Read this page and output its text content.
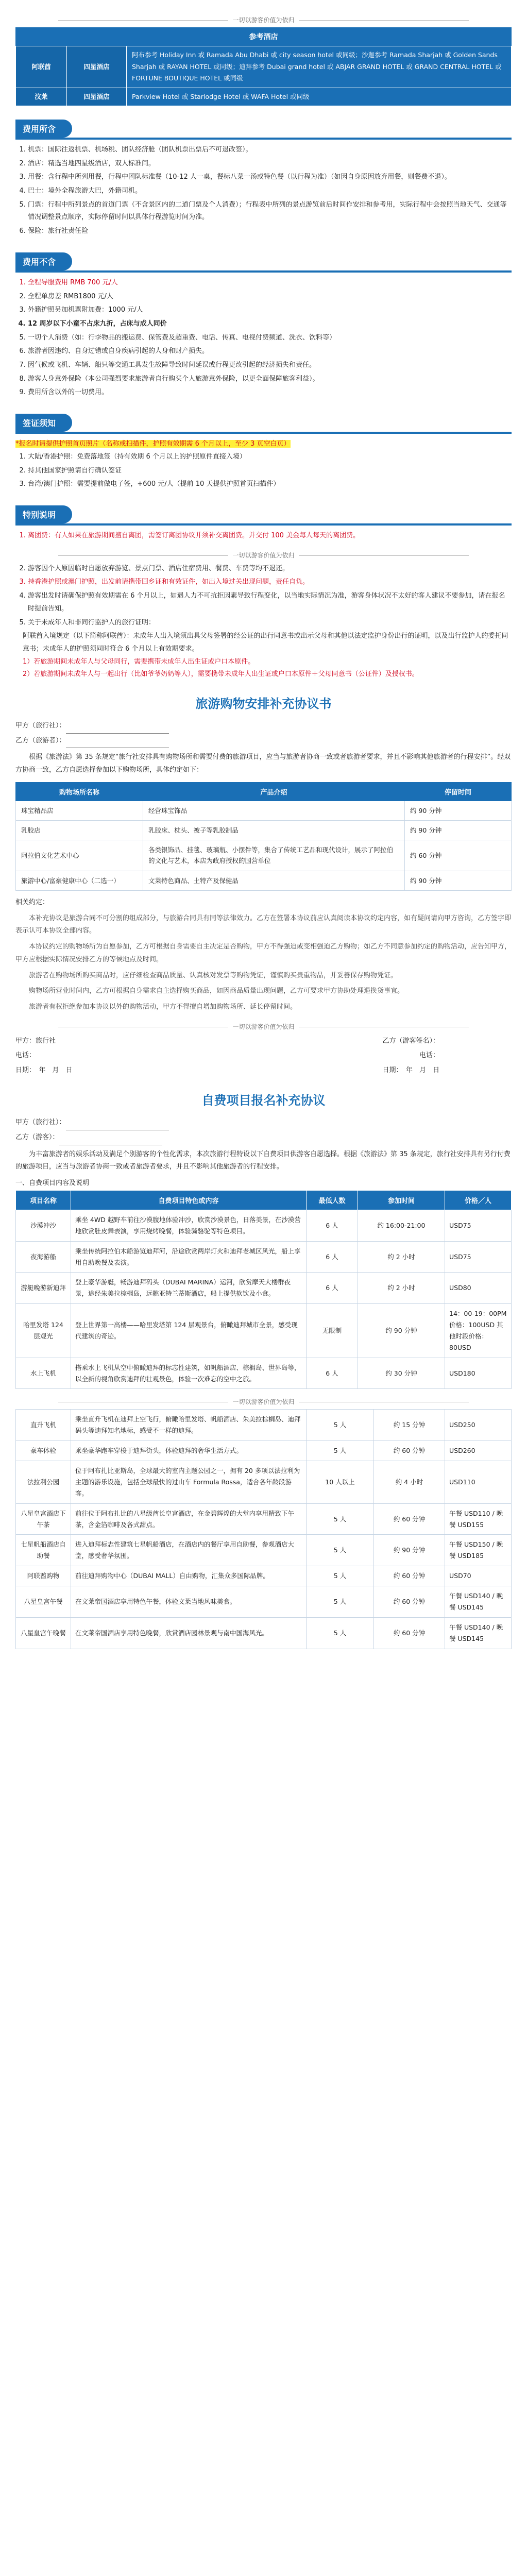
一切以游客价值为依归
参考酒店
阿联酋	四星酒店	阿布参考 Holiday Inn 或 Ramada Abu Dhabi 或 city season hotel 或同级；沙迦参考 Ramada Sharjah 或 Golden Sands Sharjah 或 RAYAN HOTEL 或同级；迪拜参考 Dubai grand hotel 或 ABJAR GRAND HOTEL 或 GRAND CENTRAL HOTEL 或 FORTUNE BOUTIQUE HOTEL 或同级
汶莱	四星酒店	Parkview Hotel 或 Starlodge Hotel 或 WAFA Hotel 或同级
费用所含
1. 机票：国际往返机票、机场税、团队经济舱（团队机票出票后不可退改签）。
2. 酒店：精选当地四星级酒店，双人标准间。
3. 用餐：含行程中所列用餐，行程中团队标准餐（10-12 人一桌，餐标八菜一汤或特色餐（以行程为准）（如因自身原因放弃用餐，则餐费不退）。
4. 巴士：境外全程旅游大巴，外籍司机。
5. 门票：行程中所列景点的首道门票（不含景区内的二道门票及个人消费）；行程表中所列的景点游览前后时间作安排和参考用，实际行程中会按照当地天气、交通等情况调整景点顺序，实际停留时间以具体行程游览时间为准。
6. 保险：旅行社责任险
费用不含
1. 全程导服费用 RMB 700 元/人
2. 全程单房差 RMB1800 元/人
3. 外籍护照另加机票附加费：1000 元/人
4. 12 周岁以下小童不占床九折，占床与成人同价
5. 一切个人消费（如：行李物品的搬运费、保管费及超重费、电话、传真、电视付费频道、洗衣、饮料等）
6. 旅游者因违约、自身过错或自身疾病引起的人身和财产损失。
7. 因气候或飞机、车辆、船只等交通工具发生故障导致时间延误或行程更改引起的经济损失和责任。
8. 游客人身意外保险（本公司强烈要求旅游者自行购买个人旅游意外保险，以更全面保障旅客利益）。
9. 费用所含以外的一切费用。
签证须知
*报名时请提供护照首页照片（名称或扫描件，护照有效期需 6 个月以上，至少 3 页空白页）
1. 大陆/香港护照：免费落地签（持有效期 6 个月以上的护照原件直接入境）
2. 持其他国家护照请自行确认签证
3. 台湾/澳门护照：需要提前做电子签，+600 元/人（提前 10 天提供护照首页扫描件）
特别说明
1. 离团费：有人如果在旅游期间擅自离团，需签订离团协议并须补交离团费。并交付 100 美金每人每天的离团费。
一切以游客价值为依归
2. 游客因个人原因临时自愿放弃游览、景点门票、酒店住宿费用、餐费、车费等均不退还。
3. 持香港护照或澳门护照，出发前请携带回乡证和有效证件，如出入境过关出现问题，责任自负。
4. 游客出发时请确保护照有效期需在 6 个月以上，如遇人力不可抗拒因素导致行程变化，以当地实际情况为准，游客身体状况不太好的客人建议不要参加，请在报名时提前告知。
5. 关于未成年人和非同行监护人的旅行证明：
阿联酋入境规定（以下简称阿联酋）：未成年人出入境须出具父母签署的经公证的出行同意书或出示父母和其他以法定监护身份出行的证明，以及出行监护人的委托同意书；未成年人的护照须同时符合 6 个月以上有效期要求。
1）若旅游期间未成年人与父母同行，需要携带未成年人出生证或户口本原件。
2）若旅游期间未成年人与一起出行（比如爷爷奶奶等人），需要携带未成年人出生证或户口本原件＋父母同意书（公证件）及授权书。
旅游购物安排补充协议书
甲方（旅行社）：
乙方（旅游者）：

根据《旅游法》第 35 条规定“旅行社安排具有购物场所和需要付费的旅游项目，应当与旅游者协商一致或者旅游者要求，并且不影响其他旅游者的行程安排”。经双方协商一致，乙方自愿选择参加以下购物场所，具体约定如下：

购物场所名称	产品介绍	停留时间
珠宝精品店	经营珠宝饰品	约 90 分钟
乳胶店	乳胶床、枕头、被子等乳胶制品	约 90 分钟
阿拉伯文化艺术中心	各类银饰品、挂毯、玻璃瓶、小摆件等，集合了传统工艺品和现代设计，展示了阿拉伯的文化与艺术，本店为政府授权的国营单位	约 60 分钟
旅游中心/富豪健康中心（二选一）	文莱特色商品、土特产及保健品	约 90 分钟
相关约定：

本补充协议是旅游合同不可分割的组成部分，与旅游合同具有同等法律效力。乙方在签署本协议前应认真阅读本协议约定内容，如有疑问请向甲方咨询，乙方签字即表示认可本协议全部内容。

本协议约定的购物场所为自愿参加，乙方可根据自身需要自主决定是否购物，甲方不得强迫或变相强迫乙方购物；如乙方不同意参加约定的购物活动，应告知甲方，甲方应根据实际情况安排乙方的等候地点及时间。

旅游者在购物场所购买商品时，应仔细检查商品质量、认真核对发票等购物凭证，谨慎购买贵重物品，并妥善保存购物凭证。

购物场所营业时间内，乙方可根据自身需求自主选择购买商品，如因商品质量出现问题，乙方可要求甲方协助处理退换货事宜。

旅游者有权拒绝参加本协议以外的购物活动，甲方不得擅自增加购物场所、延长停留时间。

一切以游客价值为依归
甲方：旅行社	乙方（游客签名）：
电话：	电话：
日期：　年　月　日	日期：　年　月　日
自费项目报名补充协议
甲方（旅行社）：
乙方（游客）：

为丰富旅游者的娱乐活动及满足个别游客的个性化需求，本次旅游行程特设以下自费项目供游客自愿选择。根据《旅游法》第 35 条规定，旅行社安排具有另行付费的旅游项目，应当与旅游者协商一致或者旅游者要求，并且不影响其他旅游者的行程安排。

一、自费项目内容及说明
项目名称	自费项目特色或内容	最低人数	参加时间	价格／人
沙漠冲沙	乘坐 4WD 越野车前往沙漠腹地体验冲沙，欣赏沙漠景色，日落美景，在沙漠营地欣赏肚皮舞表演，享用烧烤晚餐，体验骑骆驼等特色项目。	6 人	约 16:00-21:00	USD75
夜海游船	乘坐传统阿拉伯木船游览迪拜河，沿途欣赏两岸灯火和迪拜老城区风光，船上享用自助晚餐及表演。	6 人	约 2 小时	USD75
游艇晚游新迪拜	登上豪华游艇，畅游迪拜码头（DUBAI MARINA）运河，欣赏摩天大楼群夜景，途经朱美拉棕榈岛，远眺亚特兰蒂斯酒店，船上提供软饮及小食。	6 人	约 2 小时	USD80
哈里发塔 124 层观光	登上世界第一高楼——哈里发塔第 124 层观景台，俯瞰迪拜城市全景，感受现代建筑的奇迹。	无限制	约 90 分钟	14：00-19：00PM 价格：100USD 其他时段价格：80USD
水上飞机	搭乘水上飞机从空中俯瞰迪拜的标志性建筑，如帆船酒店、棕榈岛、世界岛等，以全新的视角欣赏迪拜的壮观景色，体验一次难忘的空中之旅。	6 人	约 30 分钟	USD180
一切以游客价值为依归
直升飞机	乘坐直升飞机在迪拜上空飞行，俯瞰哈里发塔、帆船酒店、朱美拉棕榈岛、迪拜码头等迪拜知名地标，感受不一样的迪拜。	5 人	约 15 分钟	USD250
豪车体验	乘坐豪华跑车穿梭于迪拜街头，体验迪拜的奢华生活方式。	5 人	约 60 分钟	USD260
法拉利公园	位于阿布扎比亚斯岛，全球最大的室内主题公园之一，拥有 20 多项以法拉利为主题的游乐设施，包括全球最快的过山车 Formula Rossa，适合各年龄段游客。	10 人以上	约 4 小时	USD110
八星皇宫酒店下午茶	前往位于阿布扎比的八星级酋长皇宫酒店，在金碧辉煌的大堂内享用精致下午茶，含金箔咖啡及各式甜点。	5 人	约 60 分钟	午餐 USD110 / 晚餐 USD155
七星帆船酒店自助餐	进入迪拜标志性建筑七星帆船酒店，在酒店内的餐厅享用自助餐，参观酒店大堂，感受奢华氛围。	5 人	约 90 分钟	午餐 USD150 / 晚餐 USD185
阿联酋购物	前往迪拜购物中心（DUBAI MALL）自由购物，汇集众多国际品牌。	5 人	约 60 分钟	USD70
八星皇宫午餐	在文莱帝国酒店享用特色午餐，体验文莱当地风味美食。	5 人	约 60 分钟	午餐 USD140 / 晚餐 USD145
八星皇宫午晚餐	在文莱帝国酒店享用特色晚餐，欣赏酒店园林景观与南中国海风光。	5 人	约 60 分钟	午餐 USD140 / 晚餐 USD145
